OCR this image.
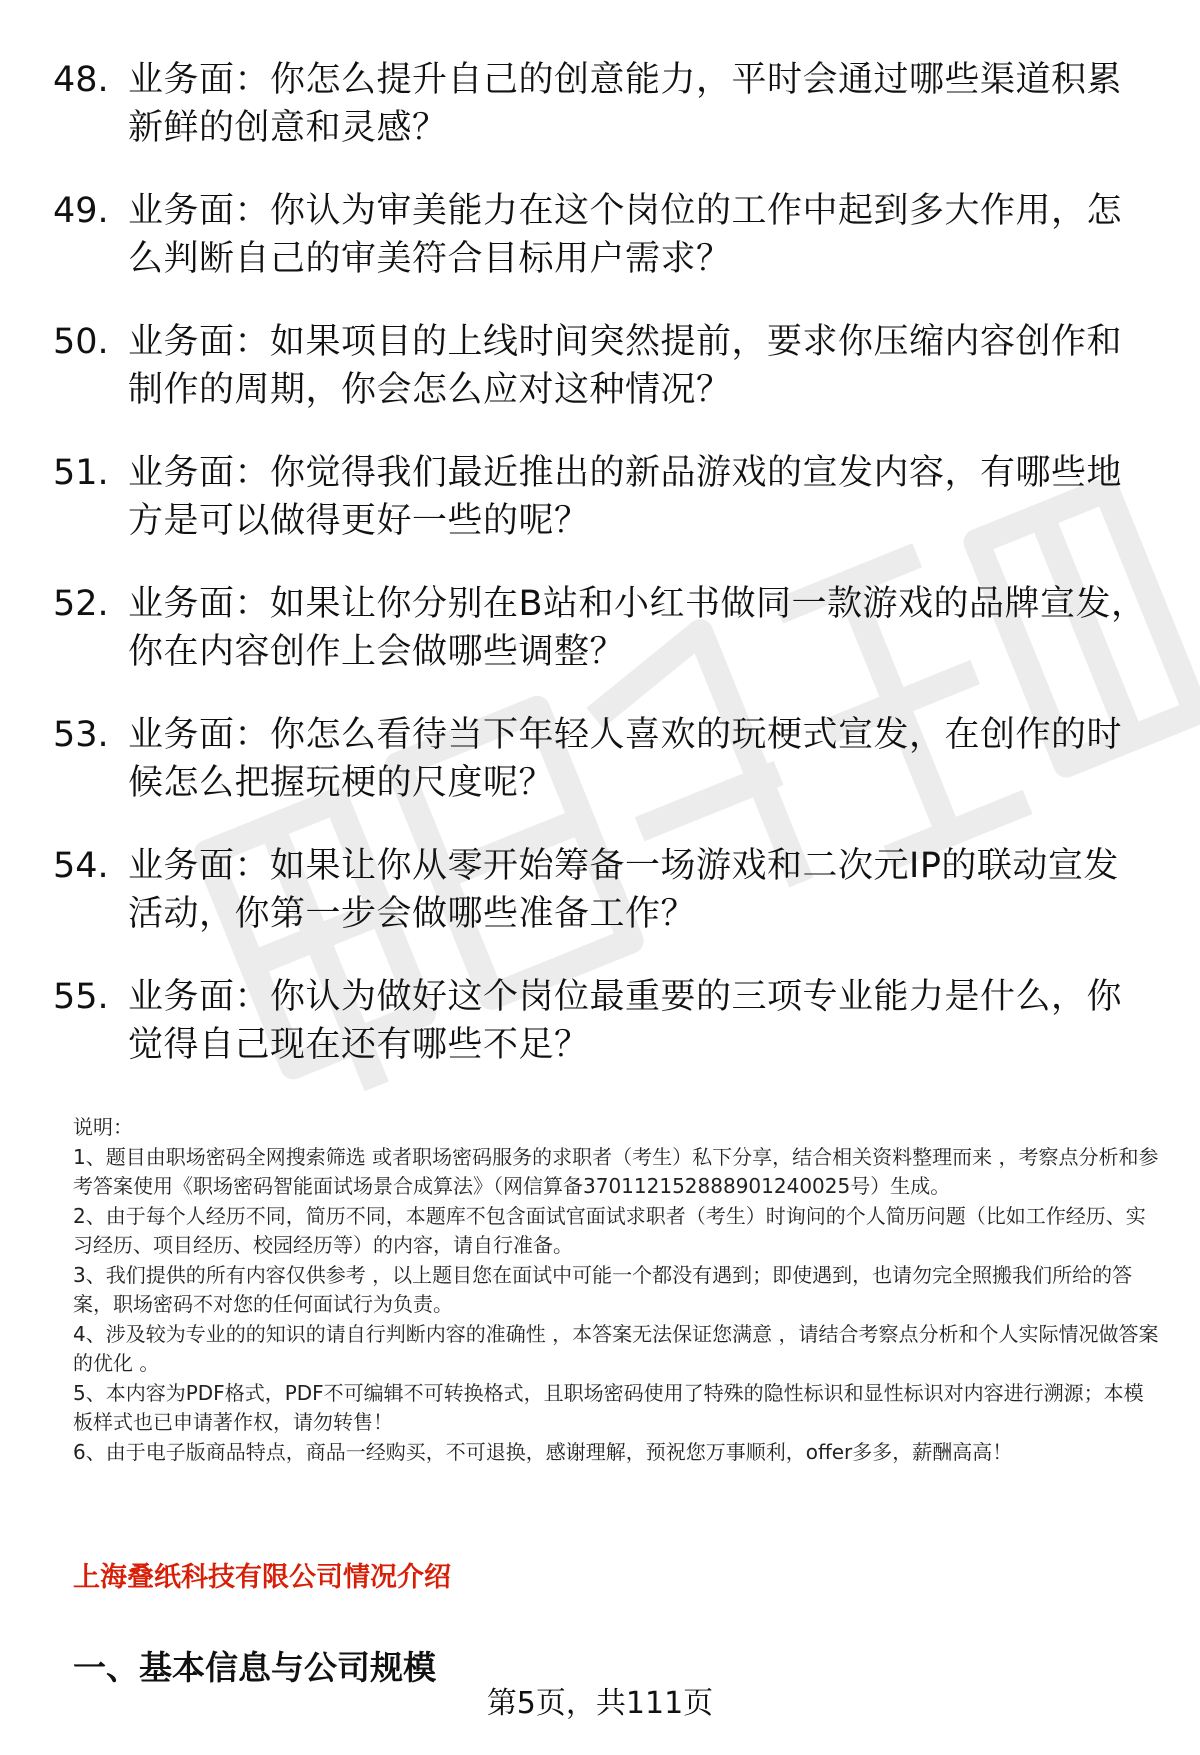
48. 业务面：你怎么提升自己的创意能力，平时会通过哪些渠道积累新鲜的创意和灵感？
49. 业务面：你认为审美能力在这个岗位的工作中起到多大作用，怎么判断自己的审美符合目标用户需求？
50. 业务面：如果项目的上线时间突然提前，要求你压缩内容创作和制作的周期，你会怎么应对这种情况？
51. 业务面：你觉得我们最近推出的新品游戏的宣发内容，有哪些地方是可以做得更好一些的呢？
52. 业务面：如果让你分别在B站和小红书做同一款游戏的品牌宣发，你在内容创作上会做哪些调整？
53. 业务面：你怎么看待当下年轻人喜欢的玩梗式宣发，在创作的时候怎么把握玩梗的尺度呢？
54. 业务面：如果让你从零开始筹备一场游戏和二次元IP的联动宣发活动，你第一步会做哪些准备工作？
55. 业务面：你认为做好这个岗位最重要的三项专业能力是什么，你觉得自己现在还有哪些不足？

说明：

1、题目由职场密码全网搜索筛选 或者职场密码服务的求职者（考生）私下分享，结合相关资料整理而来 ，考察点分析和参考答案使用《职场密码智能面试场景合成算法》（网信算备370112152888901240025号）生成。

2、由于每个人经历不同，简历不同，本题库不包含面试官面试求职者（考生）时询问的个人简历问题（比如工作经历、实习经历、项目经历、校园经历等）的内容，请自行准备。

3、我们提供的所有内容仅供参考 ，以上题目您在面试中可能一个都没有遇到；即使遇到，也请勿完全照搬我们所给的答案，职场密码不对您的任何面试行为负责。

4、涉及较为专业的的知识的请自行判断内容的准确性 ，本答案无法保证您满意 ，请结合考察点分析和个人实际情况做答案的优化 。

5、本内容为PDF格式，PDF不可编辑不可转换格式，且职场密码使用了特殊的隐性标识和显性标识对内容进行溯源；本模板样式也已申请著作权，请勿转售！

6、由于电子版商品特点，商品一经购买，不可退换，感谢理解，预祝您万事顺利，offer多多，薪酬高高！

上海叠纸科技有限公司情况介绍
一、基本信息与公司规模
第5页，共111页
